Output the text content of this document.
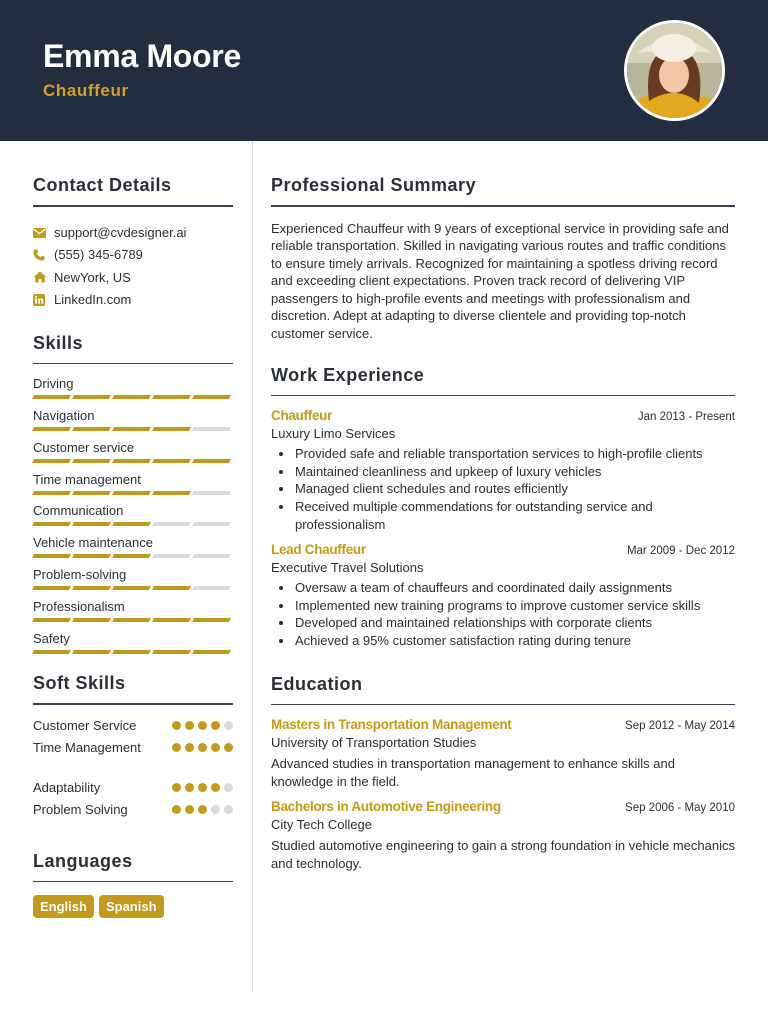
Emma Moore
Chauffeur
Contact Details
support@cvdesigner.ai
(555) 345-6789
NewYork, US
LinkedIn.com
Skills
Driving
Navigation
Customer service
Time management
Communication
Vehicle maintenance
Problem-solving
Professionalism
Safety
Soft Skills
Customer Service
Time Management
Adaptability
Problem Solving
Languages
English	Spanish
Professional Summary

Experienced Chauffeur with 9 years of exceptional service in providing safe and reliable transportation. Skilled in navigating various routes and traffic conditions to ensure timely arrivals. Recognized for maintaining a spotless driving record and exceeding client expectations. Proven track record of delivering VIP passengers to high-profile events and meetings with professionalism and discretion. Adept at adapting to diverse clientele and providing top-notch customer service.

Work Experience
Chauffeur	Jan 2013 - Present
Luxury Limo Services
Provided safe and reliable transportation services to high-profile clients
Maintained cleanliness and upkeep of luxury vehicles
Managed client schedules and routes efficiently
Received multiple commendations for outstanding service and professionalism
Lead Chauffeur	Mar 2009 - Dec 2012
Executive Travel Solutions
Oversaw a team of chauffeurs and coordinated daily assignments
Implemented new training programs to improve customer service skills
Developed and maintained relationships with corporate clients
Achieved a 95% customer satisfaction rating during tenure
Education
Masters in Transportation Management	Sep 2012 - May 2014
University of Transportation Studies

Advanced studies in transportation management to enhance skills and knowledge in the field.

Bachelors in Automotive Engineering	Sep 2006 - May 2010
City Tech College

Studied automotive engineering to gain a strong foundation in vehicle mechanics and technology.
